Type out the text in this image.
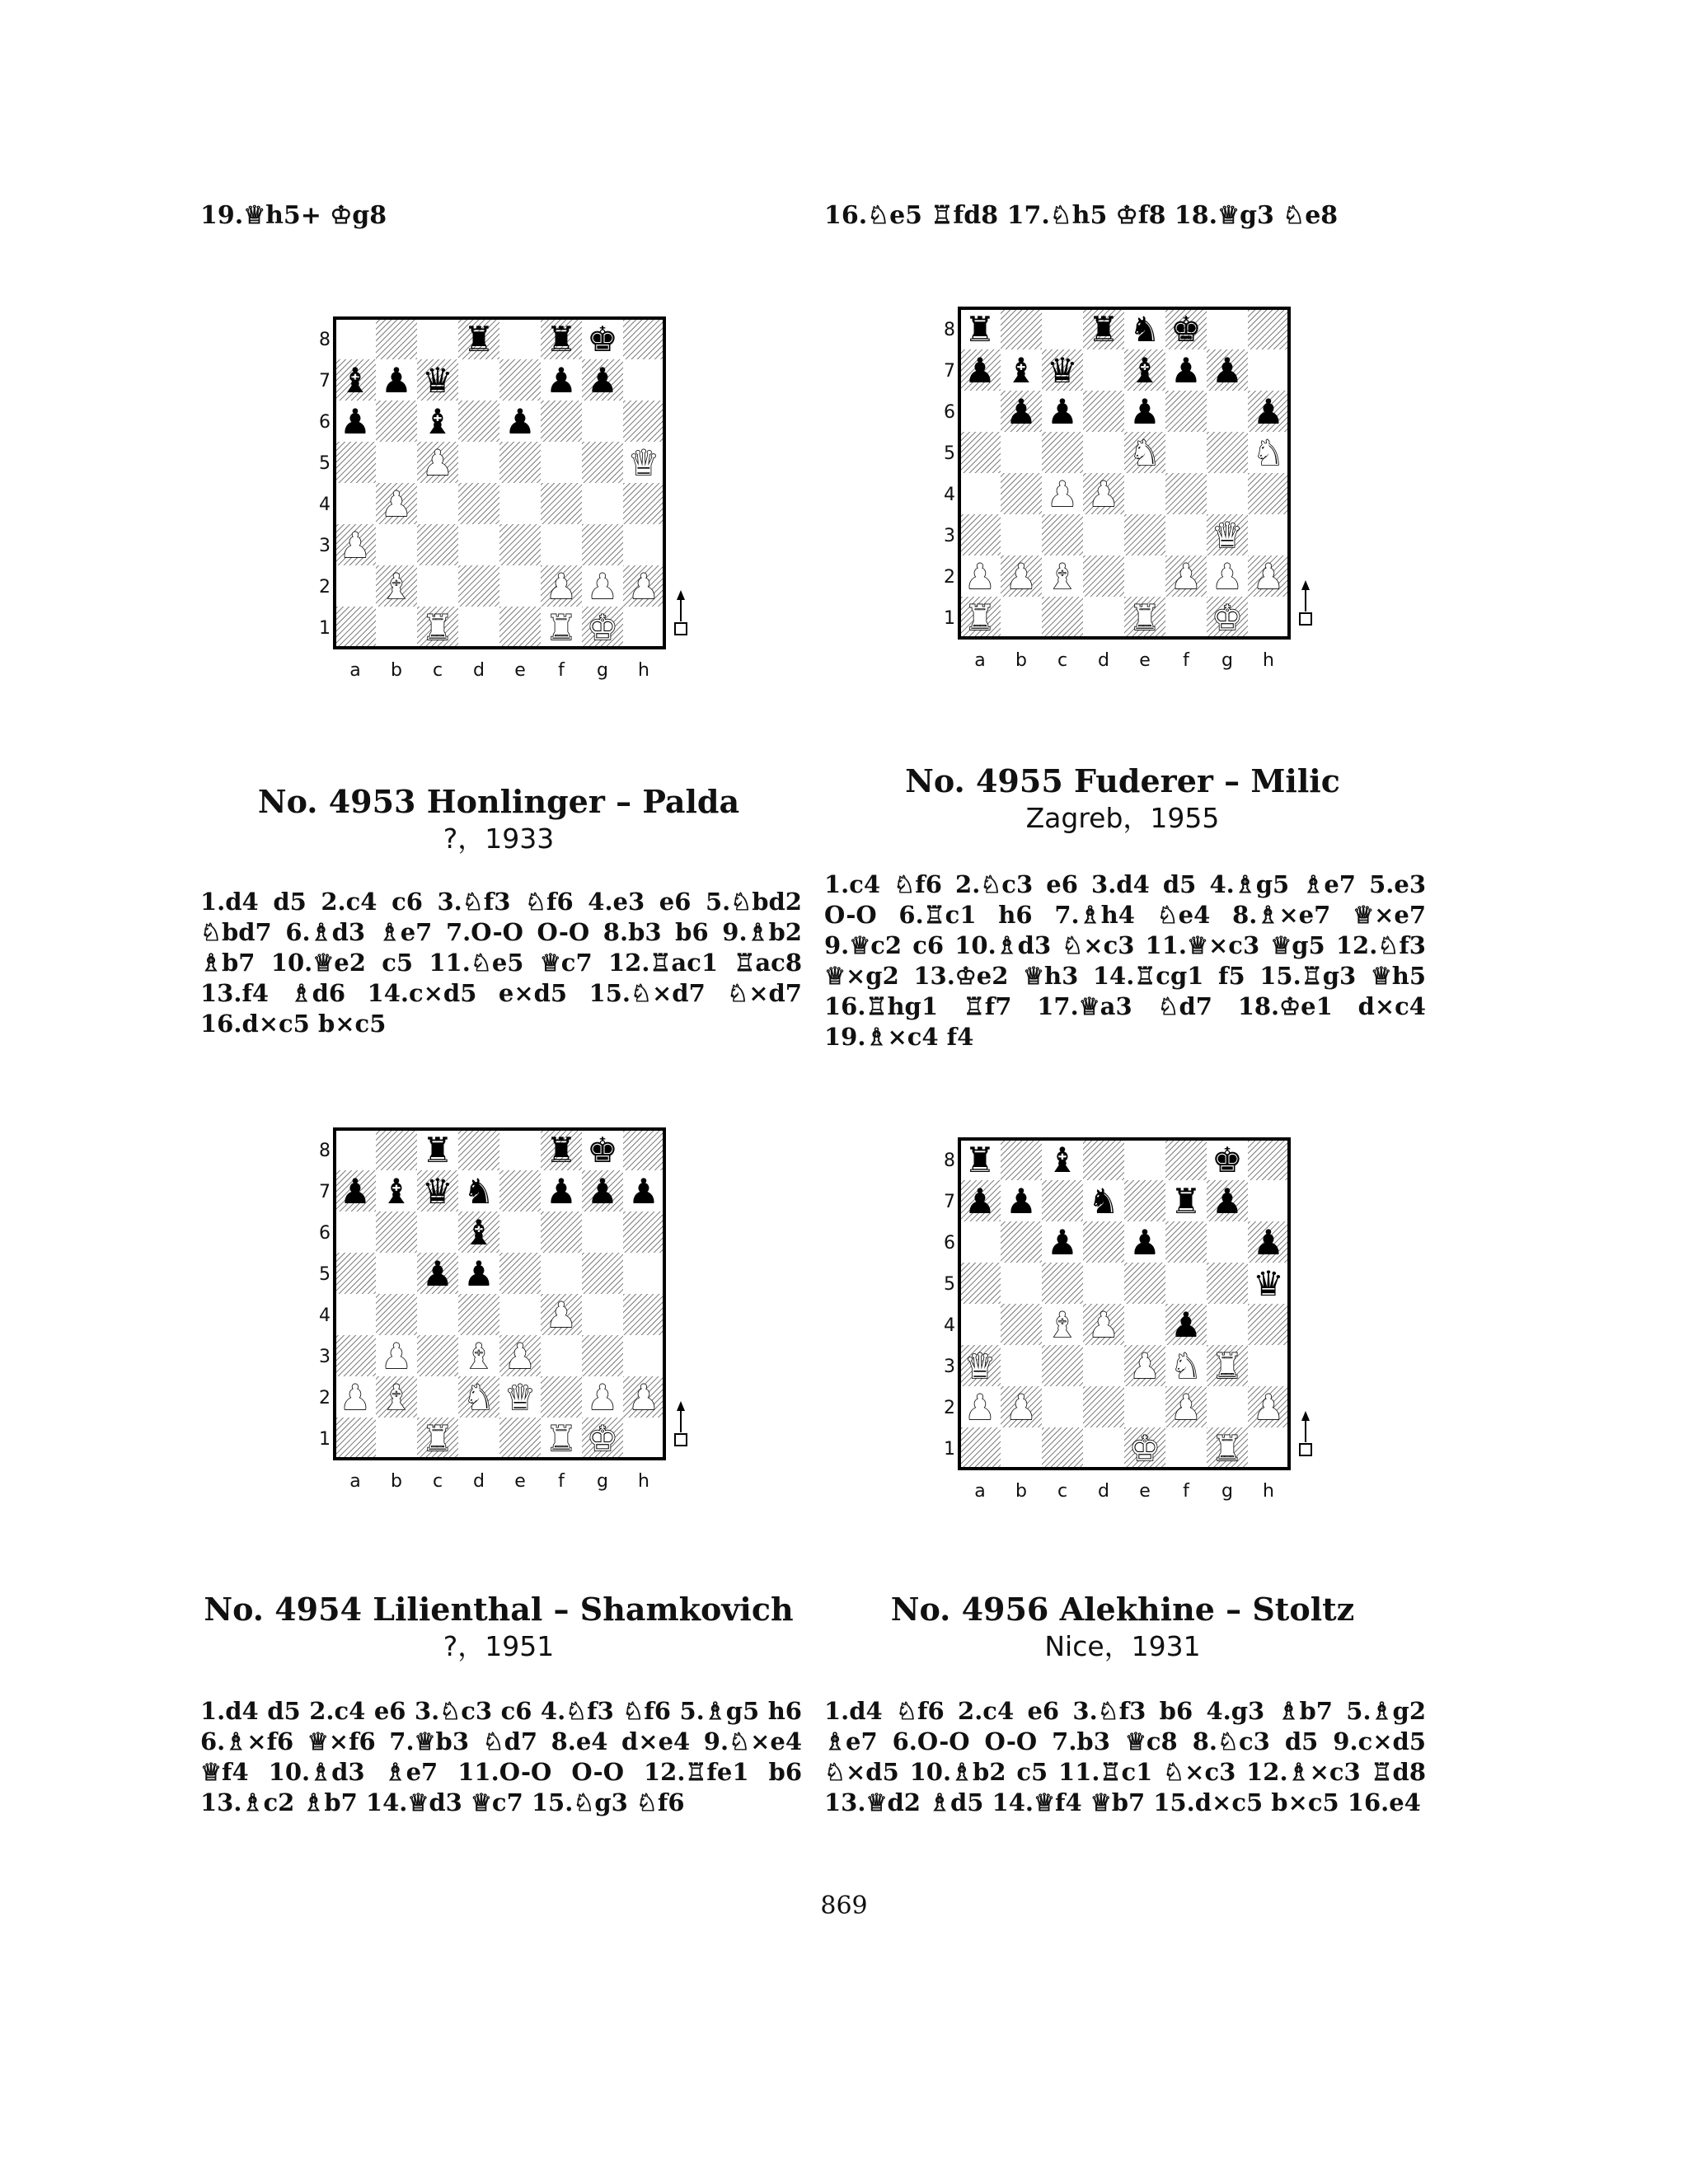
19.♕h5+ ♔g8	16.♘e5 ♖fd8 17.♘h5 ♔f8 18.♕g3 ♘e8
♜ ♜ ♚
♝ ♟ ♛	♟ ♟
♟ ♝ ♟
♟	♛
♟
♟
♝	♟ ♟ ♟
♜	♜ ♚
8
7
6
5
4
3
2
1
a b c d e f g h
No. 4953 Honlinger – Palda
?，1933
1.d4 d5 2.c4 c6 3.♘f3 ♘f6 4.e3 e6 5.♘bd2 ♘bd7 6.♗d3 ♗e7 7.O-O O-O 8.b3 b6 9.♗b2 ♗b7 10.♕e2 c5 11.♘e5 ♕c7 12.♖ac1 ♖ac8 13.f4 ♗d6 14.c×d5 e×d5 15.♘×d7 ♘×d7 16.d×c5 b×c5
♜	♜ ♞ ♚
♟ ♝ ♛ ♝ ♟ ♟
♟ ♟ ♟	♟
♞	♞
♟ ♟
♛
♟ ♟ ♝	♟ ♟ ♟
♜	♜ ♚
8
7
6
5
4
3
2
1
a b c d e f g h
No. 4955 Fuderer – Milic
Zagreb，1955
1.c4 ♘f6 2.♘c3 e6 3.d4 d5 4.♗g5 ♗e7 5.e3 O-O 6.♖c1 h6 7.♗h4 ♘e4 8.♗×e7 ♕×e7 9.♕c2 c6 10.♗d3 ♘×c3 11.♕×c3 ♕g5 12.♘f3 ♕×g2 13.♔e2 ♕h3 14.♖cg1 f5 15.♖g3 ♕h5 16.♖hg1 ♖f7 17.♕a3 ♘d7 18.♔e1 d×c4 19.♗×c4 f4
♜	♜ ♚
♟ ♝ ♛ ♞ ♟ ♟ ♟
♝
♟ ♟
♟
♟ ♝ ♟
♟ ♝ ♞ ♛ ♟ ♟
♜	♜ ♚
8
7
6
5
4
3
2
1
a b c d e f g h
No. 4954 Lilienthal – Shamkovich
?，1951
1.d4 d5 2.c4 e6 3.♘c3 c6 4.♘f3 ♘f6 5.♗g5 h6 6.♗×f6 ♕×f6 7.♕b3 ♘d7 8.e4 d×e4 9.♘×e4 ♕f4 10.♗d3 ♗e7 11.O-O O-O 12.♖fe1 b6 13.♗c2 ♗b7 14.♕d3 ♕c7 15.♘g3 ♘f6
♜ ♝	♚
♟ ♟ ♞ ♜ ♟
♟ ♟	♟
♛
♝ ♟ ♟
♛	♟ ♞ ♜
♟ ♟	♟ ♟
♚ ♜
8
7
6
5
4
3
2
1
a b c d e f g h
No. 4956 Alekhine – Stoltz
Nice，1931
1.d4 ♘f6 2.c4 e6 3.♘f3 b6 4.g3 ♗b7 5.♗g2 ♗e7 6.O-O O-O 7.b3 ♕c8 8.♘c3 d5 9.c×d5 ♘×d5 10.♗b2 c5 11.♖c1 ♘×c3 12.♗×c3 ♖d8 13.♕d2 ♗d5 14.♕f4 ♕b7 15.d×c5 b×c5 16.e4
869
